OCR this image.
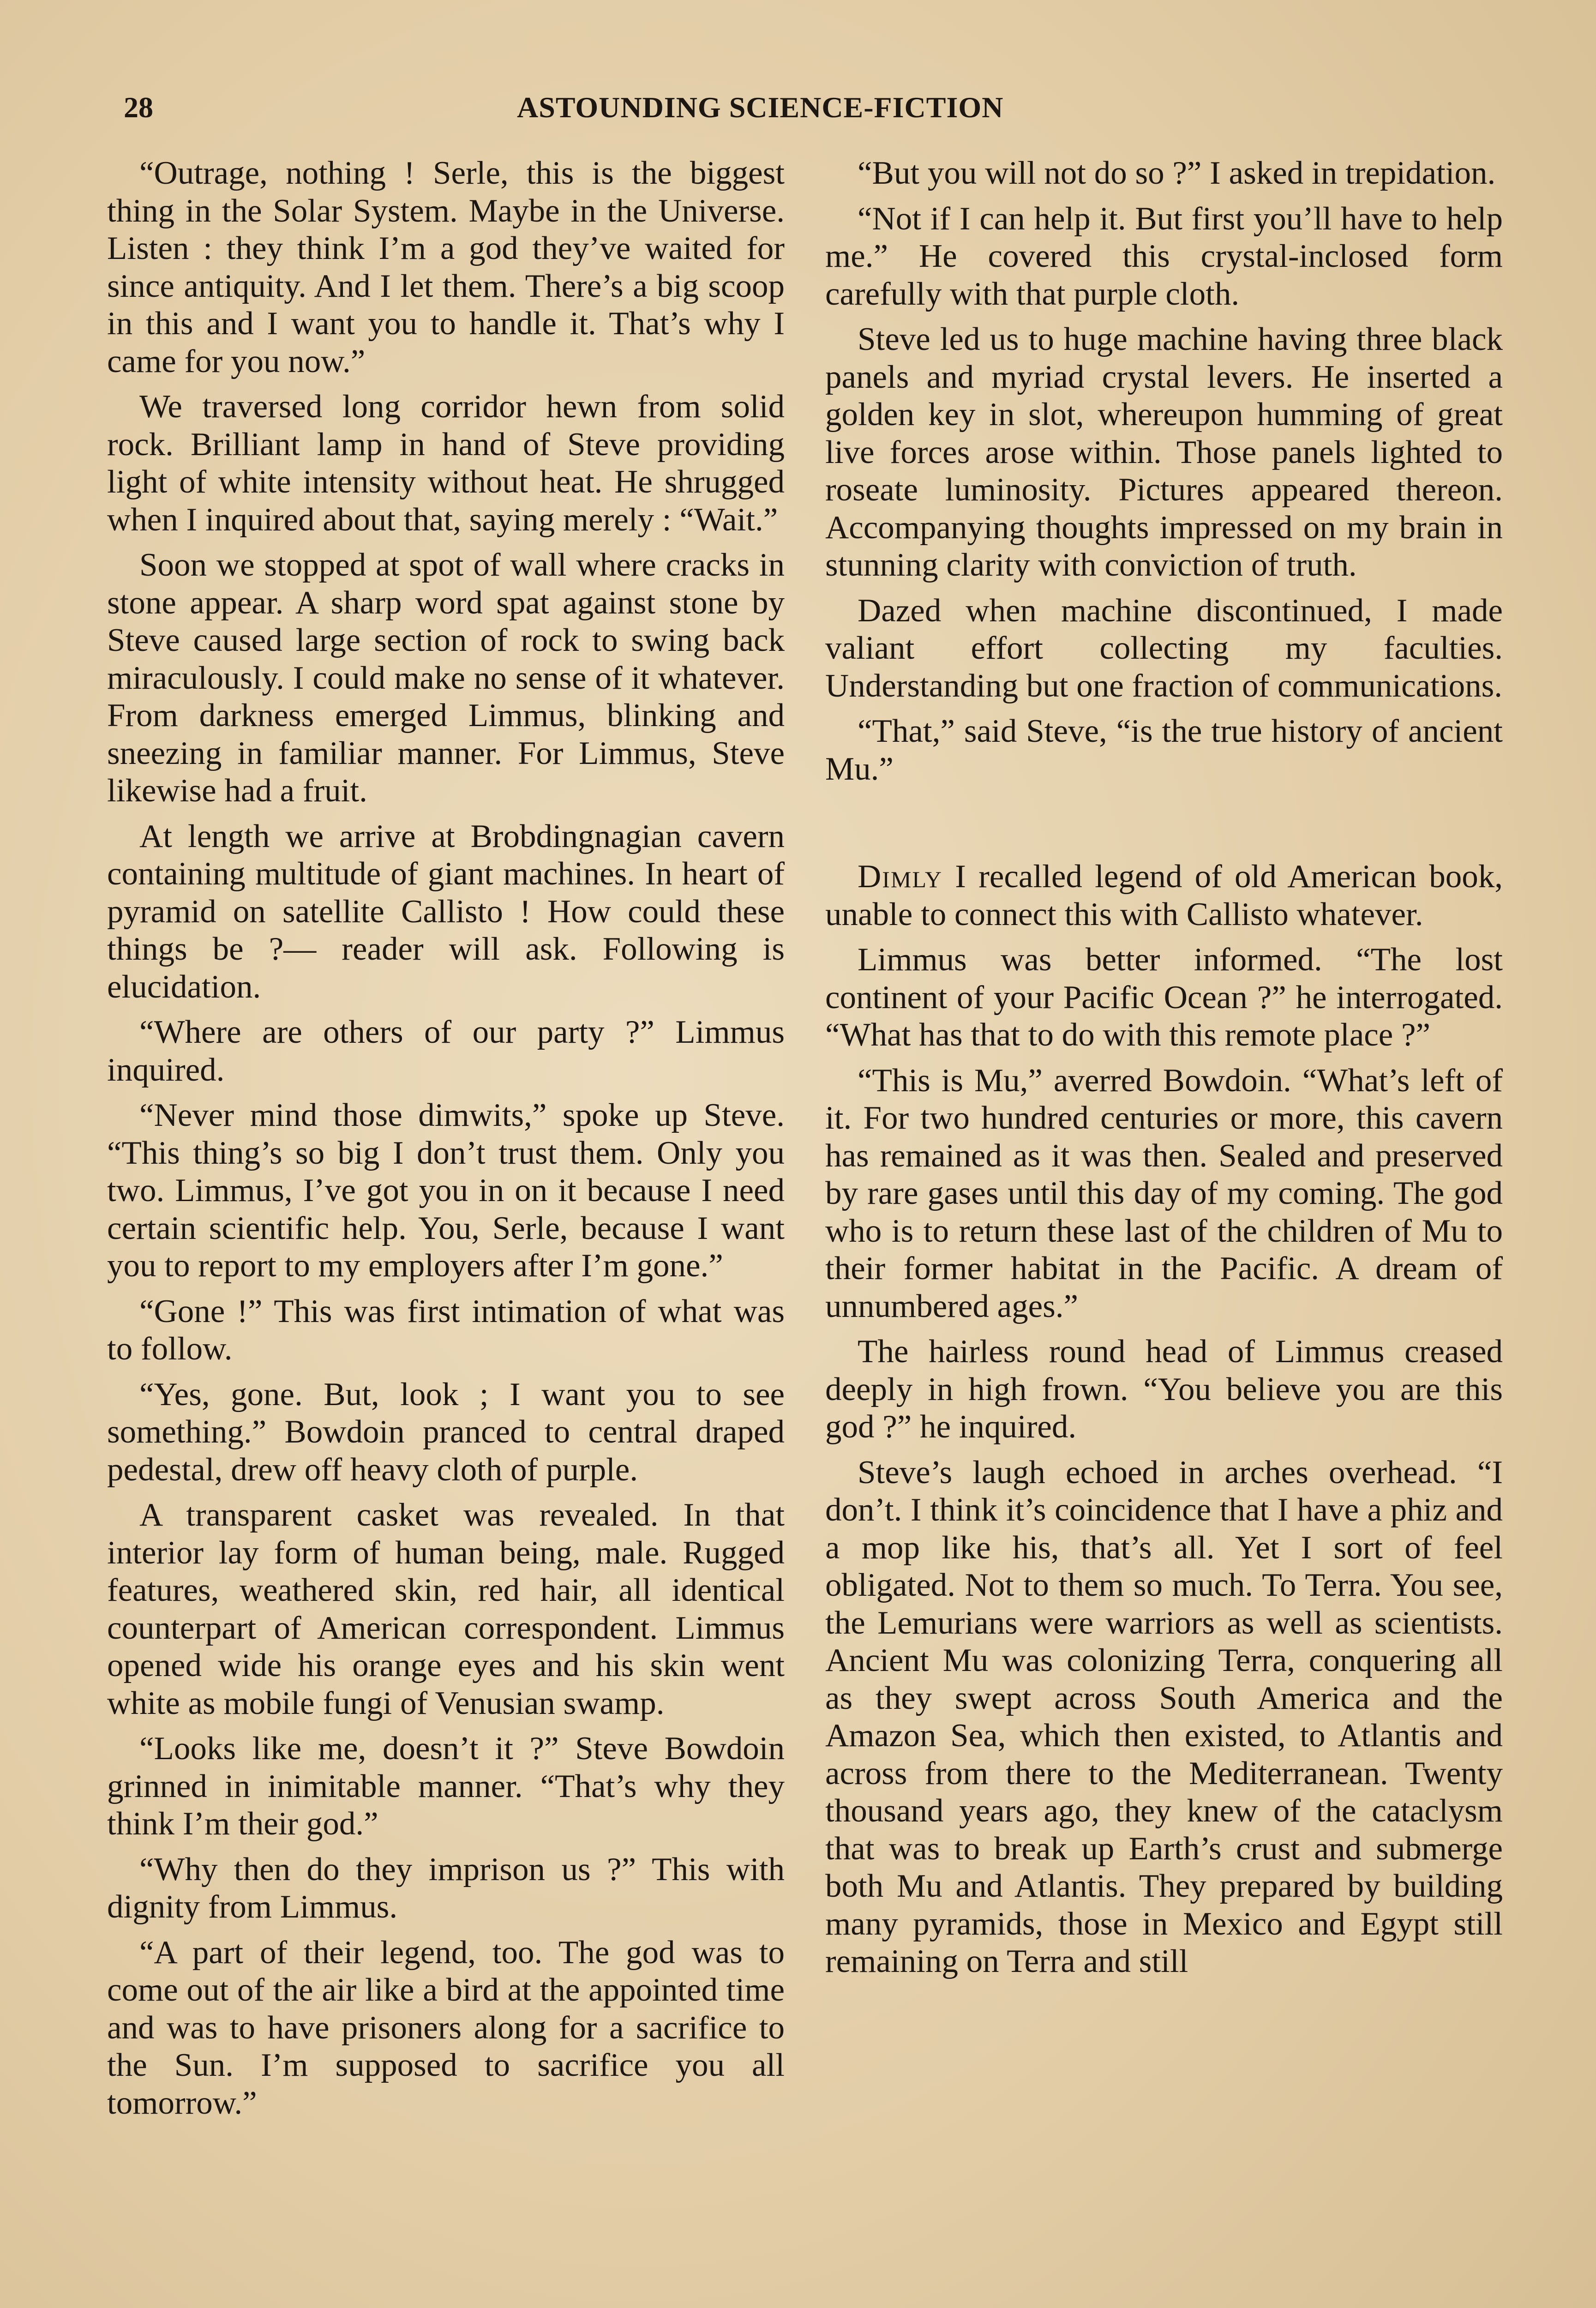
28	ASTOUNDING SCIENCE-FICTION

“Outrage, nothing ! Serle, this is the biggest thing in the Solar System. Maybe in the Universe. Listen : they think I’m a god they’ve waited for since antiquity. And I let them. There’s a big scoop in this and I want you to handle it. That’s why I came for you now.”

We traversed long corridor hewn from solid rock. Brilliant lamp in hand of Steve providing light of white intensity without heat. He shrugged when I inquired about that, saying merely : “Wait.”

Soon we stopped at spot of wall where cracks in stone appear. A sharp word spat against stone by Steve caused large section of rock to swing back miraculously. I could make no sense of it whatever. From darkness emerged Limmus, blinking and sneezing in familiar manner. For Limmus, Steve likewise had a fruit.

At length we arrive at Brobdingnagian cavern containing multitude of giant machines. In heart of pyramid on satellite Callisto ! How could these things be ?— reader will ask. Following is elucidation.

“Where are others of our party ?” Limmus inquired.

“Never mind those dimwits,” spoke up Steve. “This thing’s so big I don’t trust them. Only you two. Limmus, I’ve got you in on it because I need certain scientific help. You, Serle, because I want you to report to my employers after I’m gone.”

“Gone !” This was first intimation of what was to follow.

“Yes, gone. But, look ; I want you to see something.” Bowdoin pranced to central draped pedestal, drew off heavy cloth of purple.

A transparent casket was revealed. In that interior lay form of human being, male. Rugged features, weathered skin, red hair, all identical counterpart of American correspondent. Limmus opened wide his orange eyes and his skin went white as mobile fungi of Venusian swamp.

“Looks like me, doesn’t it ?” Steve Bowdoin grinned in inimitable manner. “That’s why they think I’m their god.”

“Why then do they imprison us ?” This with dignity from Limmus.

“A part of their legend, too. The god was to come out of the air like a bird at the appointed time and was to have prisoners along for a sacrifice to the Sun. I’m supposed to sacrifice you all tomorrow.”

“But you will not do so ?” I asked in trepidation.

“Not if I can help it. But first you’ll have to help me.” He covered this crystal-inclosed form carefully with that purple cloth.

Steve led us to huge machine having three black panels and myriad crystal levers. He inserted a golden key in slot, whereupon humming of great live forces arose within. Those panels lighted to roseate luminosity. Pictures appeared thereon. Accompanying thoughts impressed on my brain in stunning clarity with conviction of truth.

Dazed when machine discontinued, I made valiant effort collecting my faculties. Understanding but one fraction of communications.

“That,” said Steve, “is the true history of ancient Mu.”

Dimly I recalled legend of old American book, unable to connect this with Callisto whatever.

Limmus was better informed. “The lost continent of your Pacific Ocean ?” he interrogated. “What has that to do with this remote place ?”

“This is Mu,” averred Bowdoin. “What’s left of it. For two hundred centuries or more, this cavern has remained as it was then. Sealed and preserved by rare gases until this day of my coming. The god who is to return these last of the children of Mu to their former habitat in the Pacific. A dream of unnumbered ages.”

The hairless round head of Limmus creased deeply in high frown. “You believe you are this god ?” he inquired.

Steve’s laugh echoed in arches overhead. “I don’t. I think it’s coincidence that I have a phiz and a mop like his, that’s all. Yet I sort of feel obligated. Not to them so much. To Terra. You see, the Lemurians were warriors as well as scientists. Ancient Mu was colonizing Terra, conquering all as they swept across South America and the Amazon Sea, which then existed, to Atlantis and across from there to the Mediterranean. Twenty thousand years ago, they knew of the cataclysm that was to break up Earth’s crust and submerge both Mu and Atlantis. They prepared by building many pyramids, those in Mexico and Egypt still remaining on Terra and still
